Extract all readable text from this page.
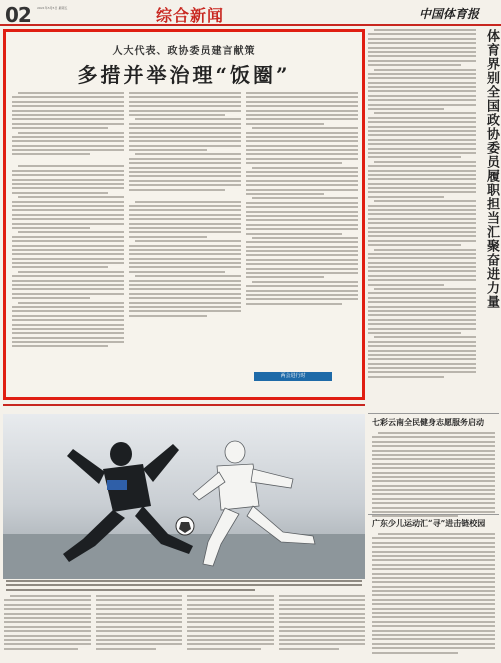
02 2021年3月5日 星期五	综合新闻	中国体育报
人大代表、政协委员建言献策
多措并举治理“饭圈”
两会进行时
体育界别全国政协委员履职担当汇聚奋进力量
七彩云南全民健身志愿服务启动
广东少儿运动汇“寻”进击链校园
